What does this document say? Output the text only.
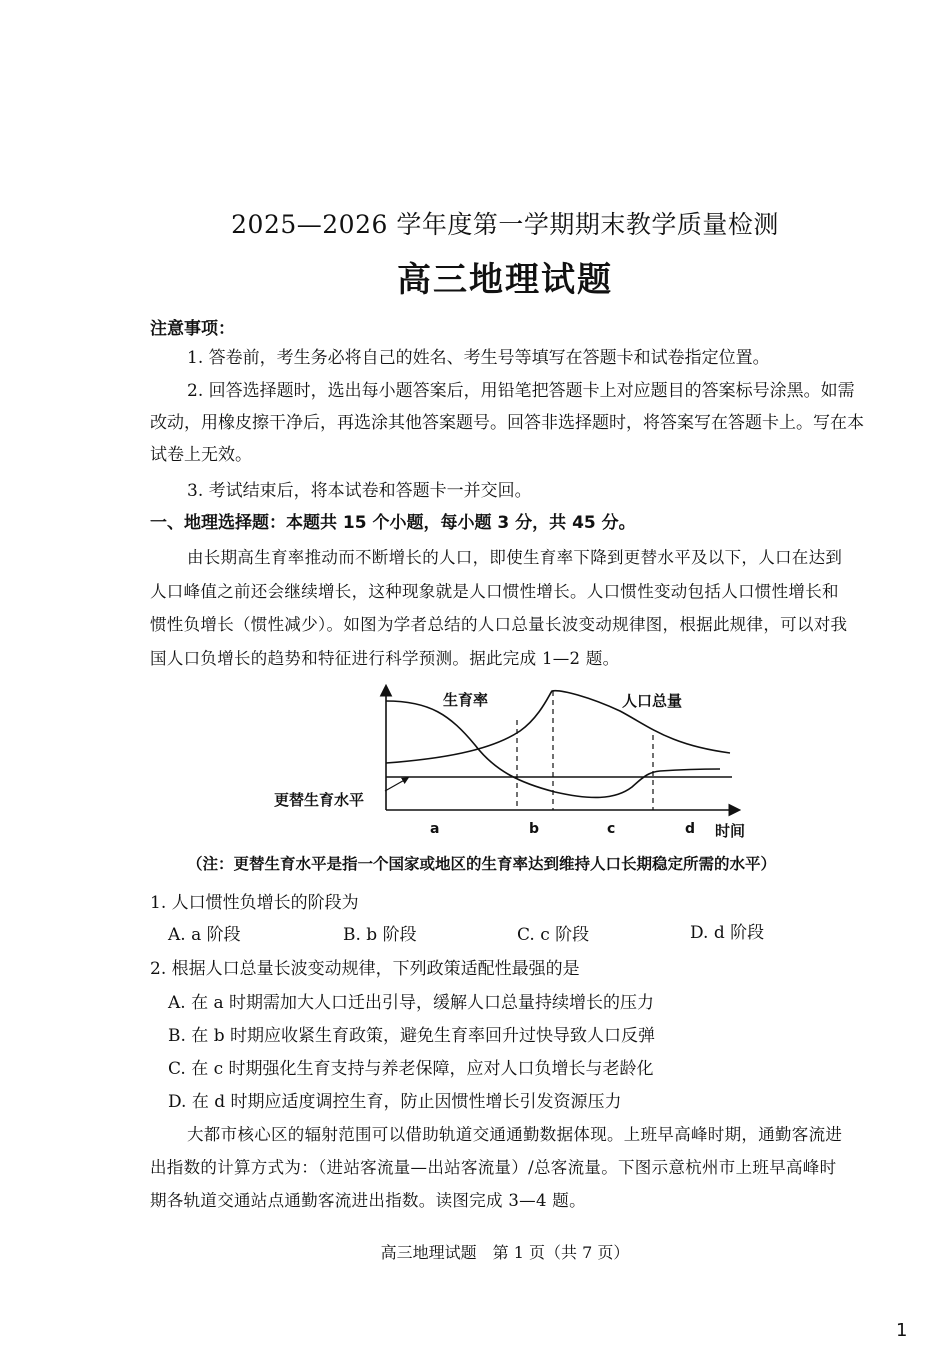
2025—2026 学年度第一学期期末教学质量检测
高三地理试题
注意事项：
1. 答卷前，考生务必将自己的姓名、考生号等填写在答题卡和试卷指定位置。
2. 回答选择题时，选出每小题答案后，用铅笔把答题卡上对应题目的答案标号涂黑。如需
改动，用橡皮擦干净后，再选涂其他答案题号。回答非选择题时，将答案写在答题卡上。写在本
试卷上无效。
3. 考试结束后，将本试卷和答题卡一并交回。
一、地理选择题：本题共 15 个小题，每小题 3 分，共 45 分。
由长期高生育率推动而不断增长的人口，即使生育率下降到更替水平及以下，人口在达到
人口峰值之前还会继续增长，这种现象就是人口惯性增长。人口惯性变动包括人口惯性增长和
惯性负增长（惯性减少）。如图为学者总结的人口总量长波变动规律图，根据此规律，可以对我
国人口负增长的趋势和特征进行科学预测。据此完成 1—2 题。
生育率	人口总量
更替生育水平
a	b	c	d 时间
（注：更替生育水平是指一个国家或地区的生育率达到维持人口长期稳定所需的水平）
1. 人口惯性负增长的阶段为
A. a 阶段	B. b 阶段	C. c 阶段	D. d 阶段
2. 根据人口总量长波变动规律，下列政策适配性最强的是
A. 在 a 时期需加大人口迁出引导，缓解人口总量持续增长的压力
B. 在 b 时期应收紧生育政策，避免生育率回升过快导致人口反弹
C. 在 c 时期强化生育支持与养老保障，应对人口负增长与老龄化
D. 在 d 时期应适度调控生育，防止因惯性增长引发资源压力
大都市核心区的辐射范围可以借助轨道交通通勤数据体现。上班早高峰时期，通勤客流进
出指数的计算方式为：（进站客流量—出站客流量）/总客流量。下图示意杭州市上班早高峰时
期各轨道交通站点通勤客流进出指数。读图完成 3—4 题。
高三地理试题　第 1 页（共 7 页）
1
